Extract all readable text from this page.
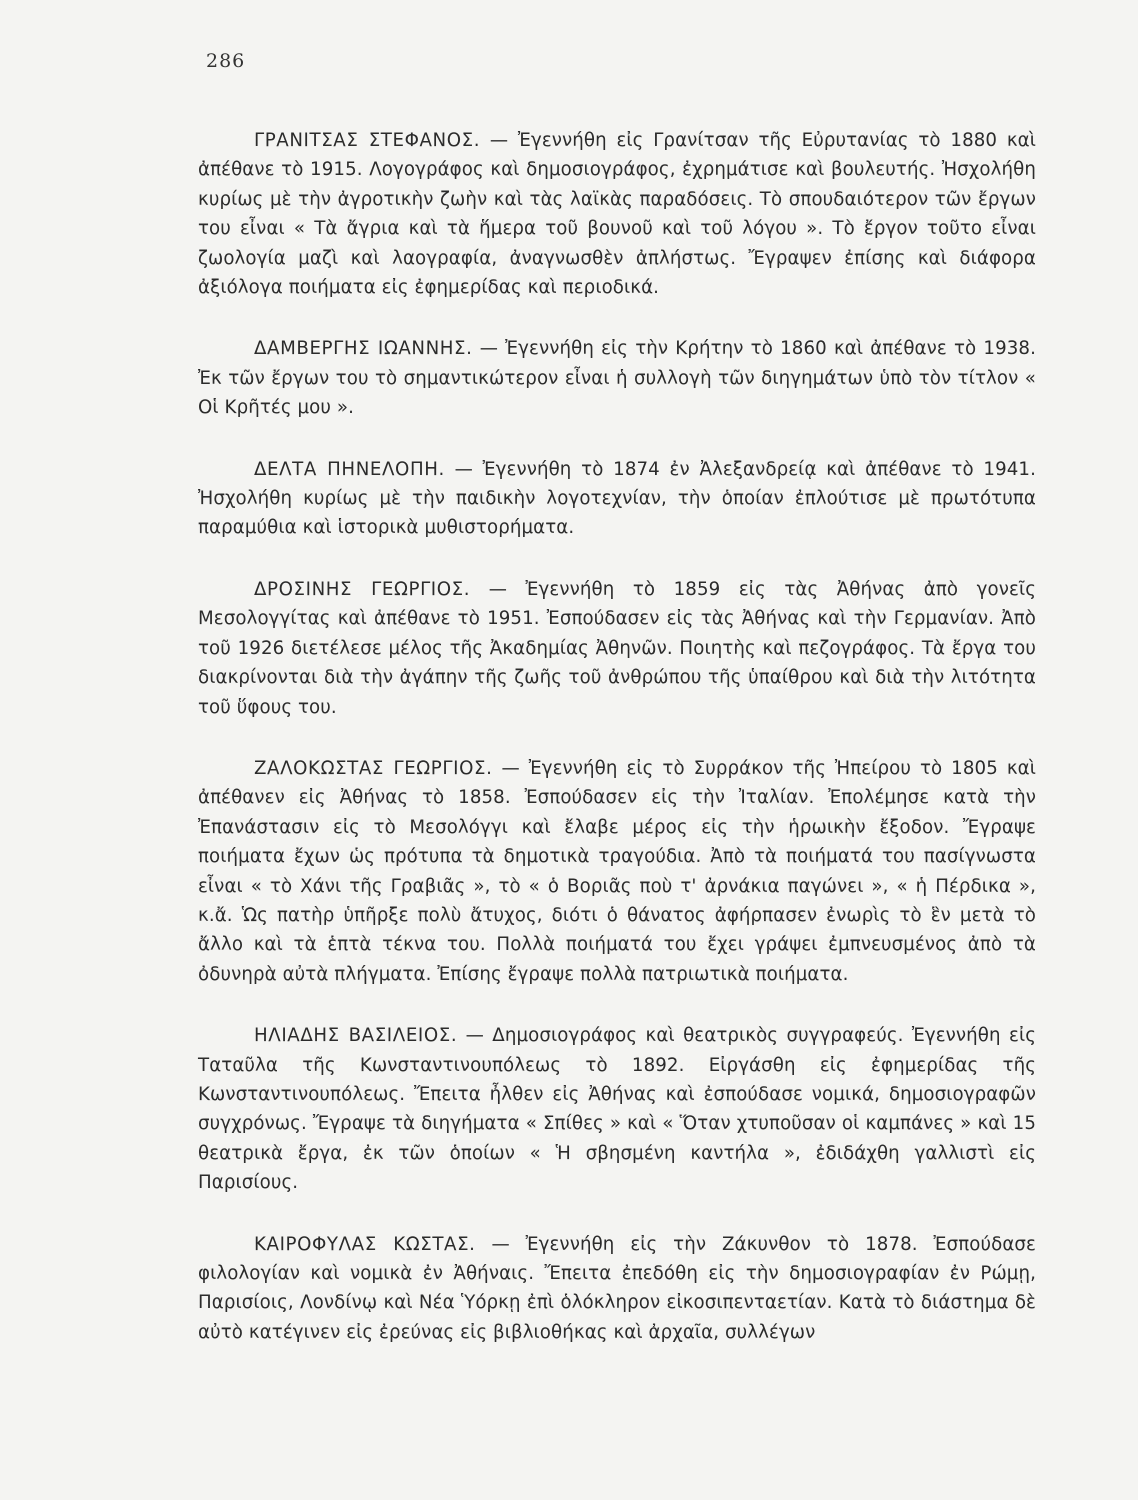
286

ΓΡΑΝΙΤΣΑΣ ΣΤΕΦΑΝΟΣ. — Ἐγεννήθη εἰς Γρανίτσαν τῆς Εὐρυτανίας τὸ 1880 καὶ ἀπέθανε τὸ 1915. Λογογράφος καὶ δημοσιογράφος, ἐχρημάτισε καὶ βουλευτής. Ἠσχολήθη κυρίως μὲ τὴν ἀγροτικὴν ζωὴν καὶ τὰς λαϊκὰς παραδόσεις. Τὸ σπουδαιότερον τῶν ἔργων του εἶναι « Τὰ ἄγρια καὶ τὰ ἥμερα τοῦ βουνοῦ καὶ τοῦ λόγου ». Τὸ ἔργον τοῦτο εἶναι ζωολογία μαζὶ καὶ λαογραφία, ἀναγνωσθὲν ἀπλήστως. Ἔγραψεν ἐπίσης καὶ διάφορα ἀξιόλογα ποιήματα εἰς ἐφημερίδας καὶ περιοδικά.

ΔΑΜΒΕΡΓΗΣ ΙΩΑΝΝΗΣ. — Ἐγεννήθη εἰς τὴν Κρήτην τὸ 1860 καὶ ἀπέθανε τὸ 1938. Ἐκ τῶν ἔργων του τὸ σημαντικώτερον εἶναι ἡ συλλογὴ τῶν διηγημάτων ὑπὸ τὸν τίτλον « Οἱ Κρῆτές μου ».

ΔΕΛΤΑ ΠΗΝΕΛΟΠΗ. — Ἐγεννήθη τὸ 1874 ἐν Ἀλεξανδρείᾳ καὶ ἀπέθανε τὸ 1941. Ἠσχολήθη κυρίως μὲ τὴν παιδικὴν λογοτεχνίαν, τὴν ὁποίαν ἐπλούτισε μὲ πρωτότυπα παραμύθια καὶ ἱστορικὰ μυθιστορήματα.

ΔΡΟΣΙΝΗΣ ΓΕΩΡΓΙΟΣ. — Ἐγεννήθη τὸ 1859 εἰς τὰς Ἀθήνας ἀπὸ γονεῖς Μεσολογγίτας καὶ ἀπέθανε τὸ 1951. Ἐσπούδασεν εἰς τὰς Ἀθήνας καὶ τὴν Γερμανίαν. Ἀπὸ τοῦ 1926 διετέλεσε μέλος τῆς Ἀκαδημίας Ἀθηνῶν. Ποιητὴς καὶ πεζογράφος. Τὰ ἔργα του διακρίνονται διὰ τὴν ἀγάπην τῆς ζωῆς τοῦ ἀνθρώπου τῆς ὑπαίθρου καὶ διὰ τὴν λιτότητα τοῦ ὕφους του.

ΖΑΛΟΚΩΣΤΑΣ ΓΕΩΡΓΙΟΣ. — Ἐγεννήθη εἰς τὸ Συρράκον τῆς Ἠπείρου τὸ 1805 καὶ ἀπέθανεν εἰς Ἀθήνας τὸ 1858. Ἐσπούδασεν εἰς τὴν Ἰταλίαν. Ἐπολέμησε κατὰ τὴν Ἐπανάστασιν εἰς τὸ Μεσολόγγι καὶ ἔλαβε μέρος εἰς τὴν ἡρωικὴν ἔξοδον. Ἔγραψε ποιήματα ἔχων ὡς πρότυπα τὰ δημοτικὰ τραγούδια. Ἀπὸ τὰ ποιήματά του πασίγνωστα εἶναι « τὸ Χάνι τῆς Γραβιᾶς », τὸ « ὁ Βοριᾶς ποὺ τ' ἀρνάκια παγώνει », « ἡ Πέρδικα », κ.ἄ. Ὡς πατὴρ ὑπῆρξε πολὺ ἄτυχος, διότι ὁ θάνατος ἀφήρπασεν ἐνωρὶς τὸ ἓν μετὰ τὸ ἄλλο καὶ τὰ ἑπτὰ τέκνα του. Πολλὰ ποιήματά του ἔχει γράψει ἐμπνευσμένος ἀπὸ τὰ ὀδυνηρὰ αὐτὰ πλήγματα. Ἐπίσης ἔγραψε πολλὰ πατριωτικὰ ποιήματα.

ΗΛΙΑΔΗΣ ΒΑΣΙΛΕΙΟΣ. — Δημοσιογράφος καὶ θεατρικὸς συγγραφεύς. Ἐγεννήθη εἰς Ταταῦλα τῆς Κωνσταντινουπόλεως τὸ 1892. Εἰργάσθη εἰς ἐφημερίδας τῆς Κωνσταντινουπόλεως. Ἔπειτα ἦλθεν εἰς Ἀθήνας καὶ ἐσπούδασε νομικά, δημοσιογραφῶν συγχρόνως. Ἔγραψε τὰ διηγήματα « Σπίθες » καὶ « Ὅταν χτυποῦσαν οἱ καμπάνες » καὶ 15 θεατρικὰ ἔργα, ἐκ τῶν ὁποίων « Ἡ σβησμένη καντήλα », ἐδιδάχθη γαλλιστὶ εἰς Παρισίους.

ΚΑΙΡΟΦΥΛΑΣ ΚΩΣΤΑΣ. — Ἐγεννήθη εἰς τὴν Ζάκυνθον τὸ 1878. Ἐσπούδασε φιλολογίαν καὶ νομικὰ ἐν Ἀθήναις. Ἔπειτα ἐπεδόθη εἰς τὴν δημοσιογραφίαν ἐν Ρώμῃ, Παρισίοις, Λονδίνῳ καὶ Νέα Ὑόρκῃ ἐπὶ ὁλόκληρον εἰκοσιπενταετίαν. Κατὰ τὸ διάστημα δὲ αὐτὸ κατέγινεν εἰς ἐρεύνας εἰς βιβλιοθήκας καὶ ἀρχαῖα, συλλέγων
